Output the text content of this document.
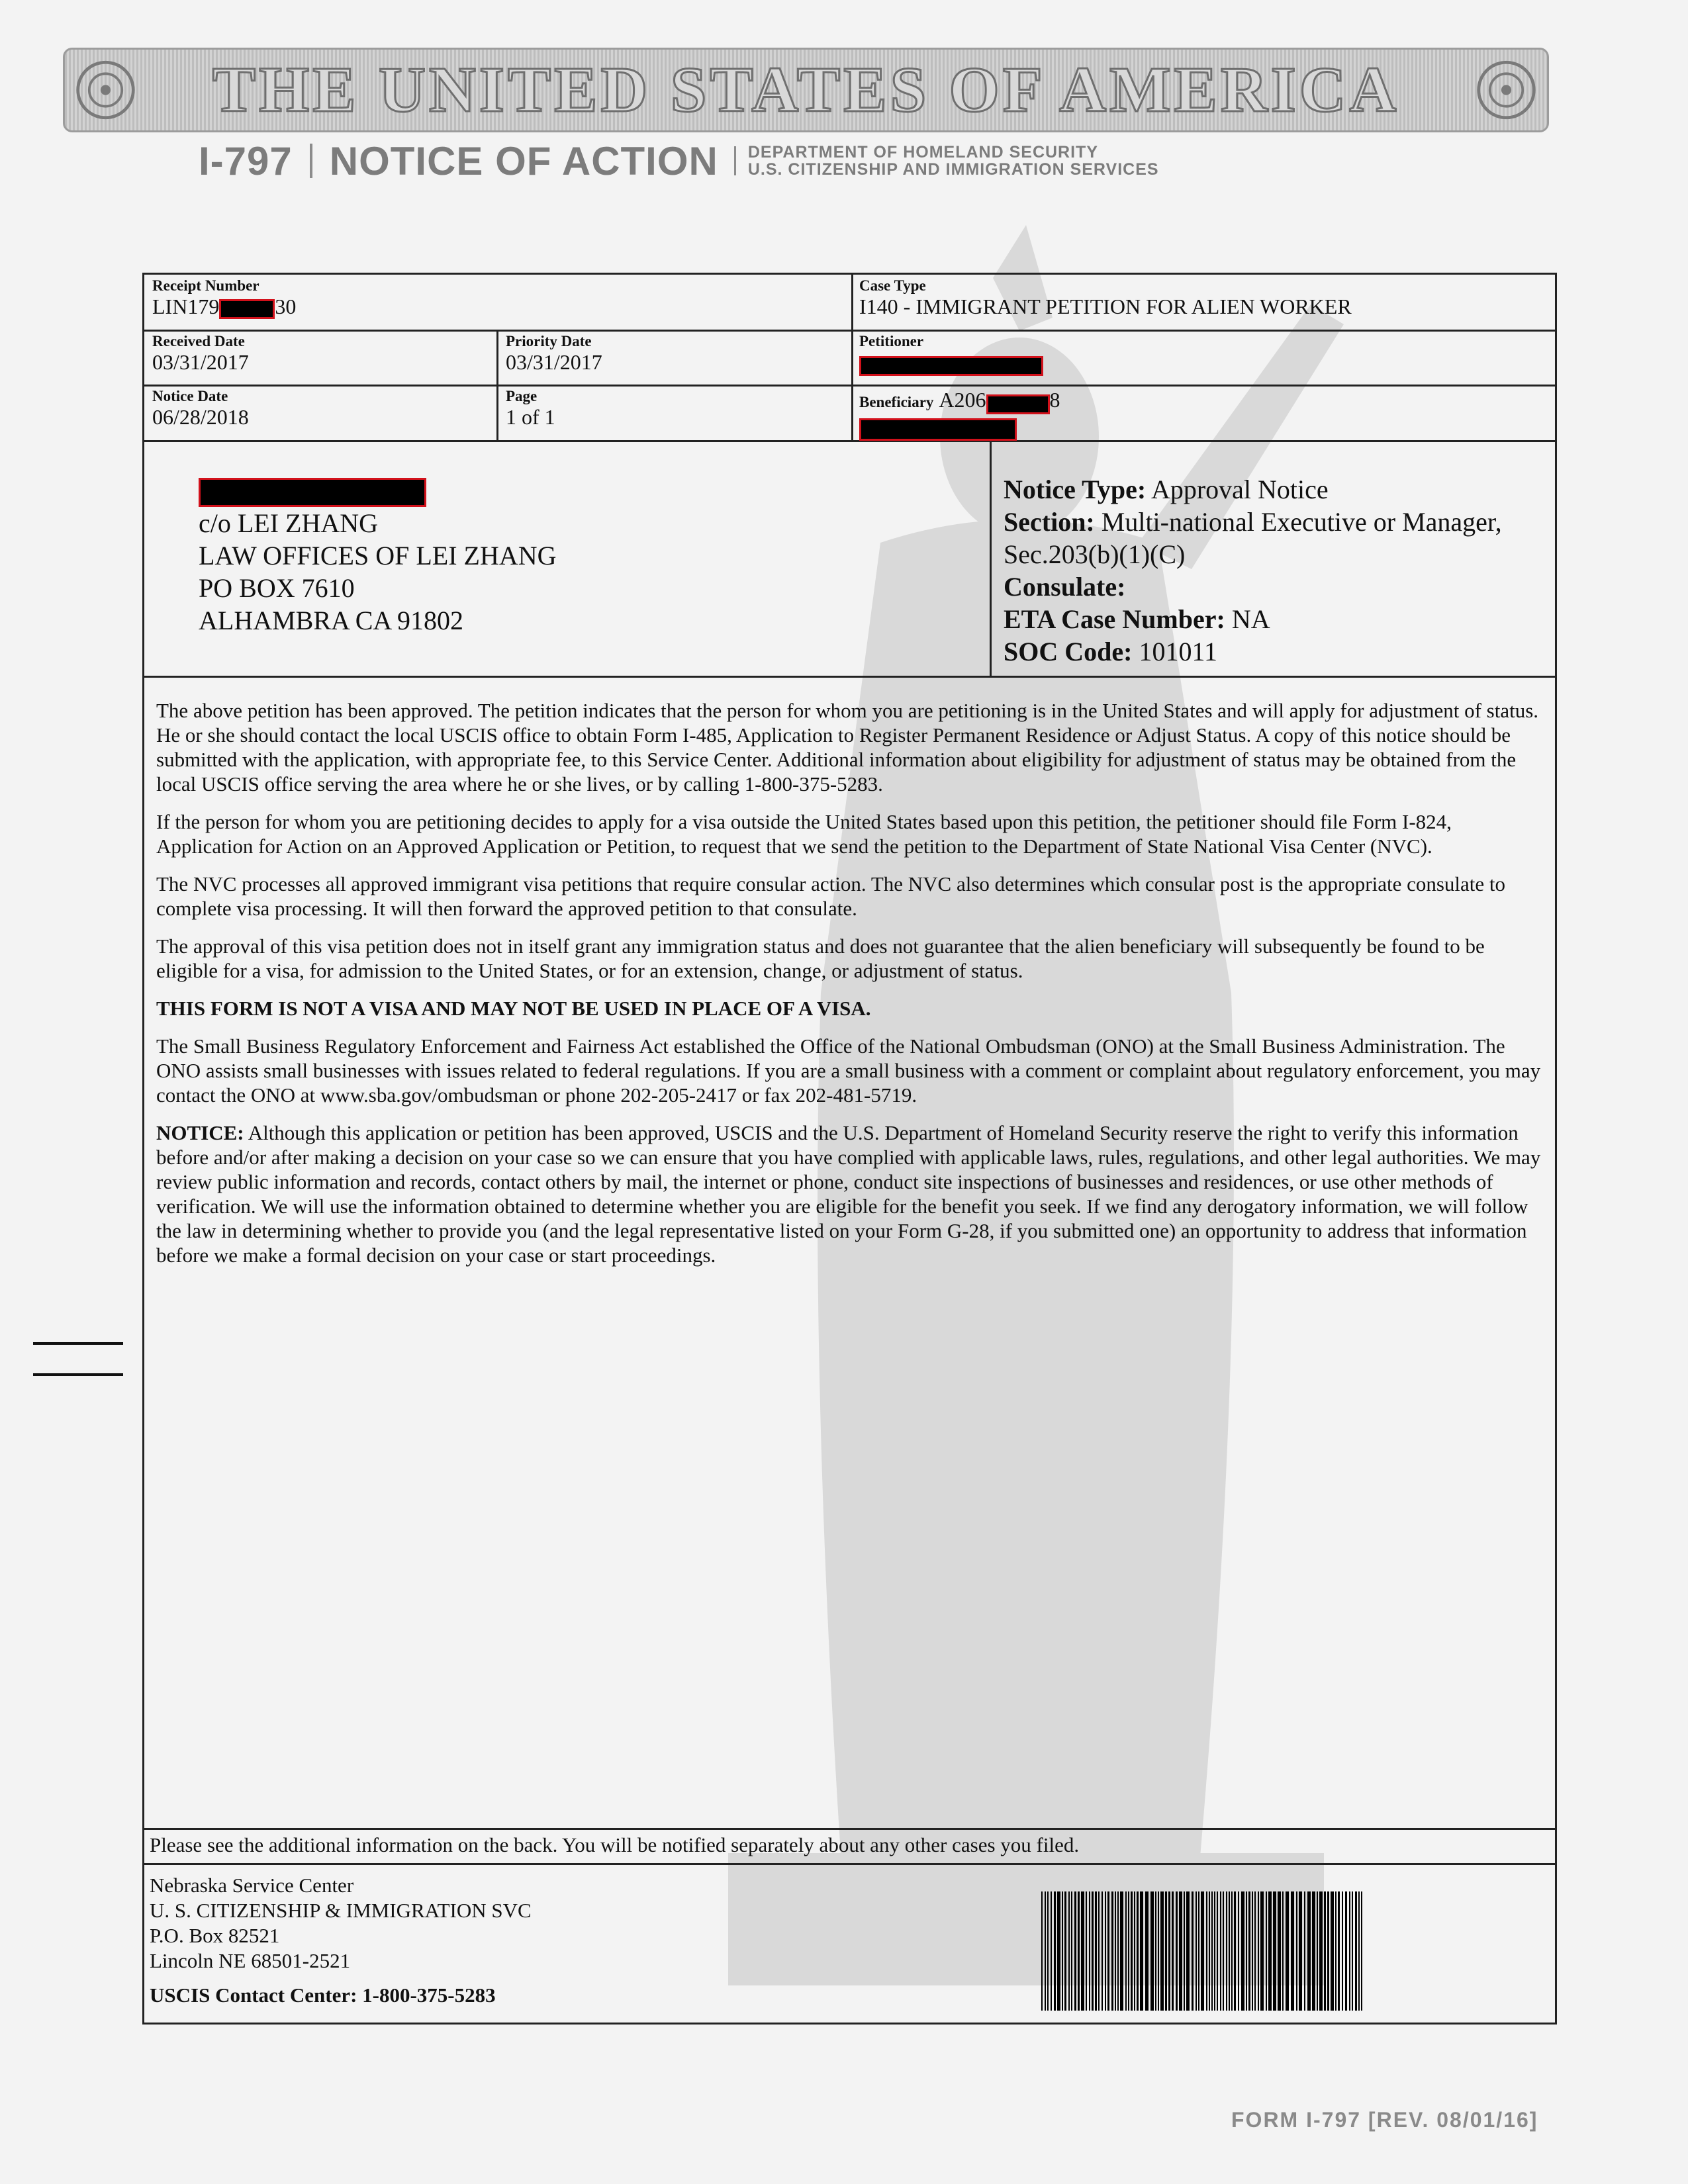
THE UNITED STATES OF AMERICA
I-797 NOTICE OF ACTION DEPARTMENT OF HOMELAND SECURITY
U.S. CITIZENSHIP AND IMMIGRATION SERVICES
Receipt Number
LIN179	30
Case Type
I140 - IMMIGRANT PETITION FOR ALIEN WORKER
Received Date
03/31/2017
Priority Date
03/31/2017
Petitioner
Notice Date
06/28/2018
Page
1 of 1
Beneficiary A206	8
c/o LEI ZHANG
LAW OFFICES OF LEI ZHANG
PO BOX 7610
ALHAMBRA CA 91802
Notice Type: Approval Notice
Section: Multi-national Executive or Manager,
Sec.203(b)(1)(C)
Consulate:
ETA Case Number: NA
SOC Code: 101011

The above petition has been approved. The petition indicates that the person for whom you are petitioning is in the United States and will apply for adjustment of status. He or she should contact the local USCIS office to obtain Form I-485, Application to Register Permanent Residence or Adjust Status. A copy of this notice should be submitted with the application, with appropriate fee, to this Service Center. Additional information about eligibility for adjustment of status may be obtained from the local USCIS office serving the area where he or she lives, or by calling 1-800-375-5283.

If the person for whom you are petitioning decides to apply for a visa outside the United States based upon this petition, the petitioner should file Form I-824, Application for Action on an Approved Application or Petition, to request that we send the petition to the Department of State National Visa Center (NVC).

The NVC processes all approved immigrant visa petitions that require consular action. The NVC also determines which consular post is the appropriate consulate to complete visa processing. It will then forward the approved petition to that consulate.

The approval of this visa petition does not in itself grant any immigration status and does not guarantee that the alien beneficiary will subsequently be found to be eligible for a visa, for admission to the United States, or for an extension, change, or adjustment of status.

THIS FORM IS NOT A VISA AND MAY NOT BE USED IN PLACE OF A VISA.

The Small Business Regulatory Enforcement and Fairness Act established the Office of the National Ombudsman (ONO) at the Small Business Administration. The ONO assists small businesses with issues related to federal regulations. If you are a small business with a comment or complaint about regulatory enforcement, you may contact the ONO at www.sba.gov/ombudsman or phone 202-205-2417 or fax 202-481-5719.

NOTICE: Although this application or petition has been approved, USCIS and the U.S. Department of Homeland Security reserve the right to verify this information before and/or after making a decision on your case so we can ensure that you have complied with applicable laws, rules, regulations, and other legal authorities. We may review public information and records, contact others by mail, the internet or phone, conduct site inspections of businesses and residences, or use other methods of verification. We will use the information obtained to determine whether you are eligible for the benefit you seek. If we find any derogatory information, we will follow the law in determining whether to provide you (and the legal representative listed on your Form G-28, if you submitted one) an opportunity to address that information before we make a formal decision on your case or start proceedings.

Please see the additional information on the back. You will be notified separately about any other cases you filed.
Nebraska Service Center
U. S. CITIZENSHIP & IMMIGRATION SVC
P.O. Box 82521
Lincoln NE 68501-2521
USCIS Contact Center: 1-800-375-5283
FORM I-797 [REV. 08/01/16]
